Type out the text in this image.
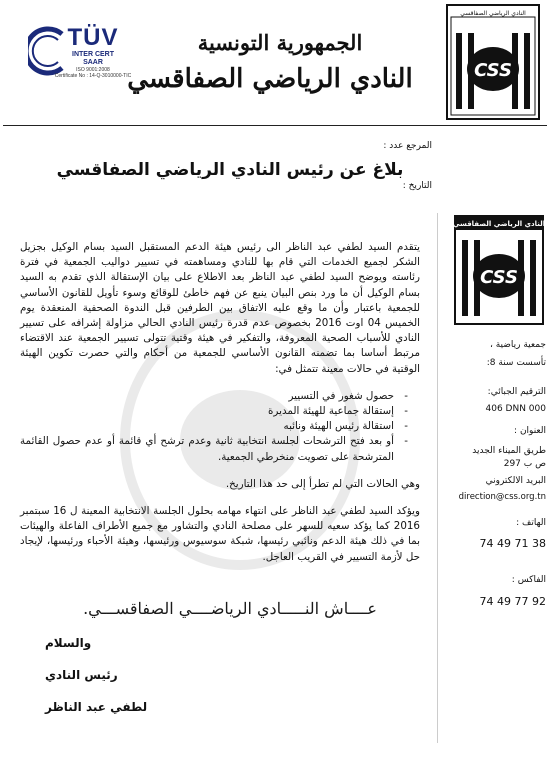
TÜV
INTER CERT
SAAR
ISO 9001:2008
Certificate No : 14-Q-3010000-TIC
الجمهورية التونسية
النادي الرياضي الصفاقسي	CSS
النادي الرياضي الصفاقسي
المرجع عدد :
التاريخ :
بلاغ عن رئيس النادي الرياضي الصفاقسي

يتقدم السيد لطفي عبد الناظر الى رئيس هيئة الدعم المستقبل السيد بسام الوكيل بجزيل الشكر لجميع الخدمات التي قام بها للنادي ومساهمته في تسيير دواليب الجمعية في فترة رئاسته ويوضح السيد لطفي عبد الناظر بعد الاطلاع على بيان الإستقالة الذي تقدم به السيد بسام الوكيل أن ما ورد بنص البيان ينبع عن فهم خاطئ للوقائع وسوء تأويل للقانون الأساسي للجمعية باعتبار وأن ما وقع عليه الاتفاق بين الطرفين قبل الندوة الصحفية المنعقدة يوم الخميس 04 اوت 2016 بخصوص عدم قدرة رئيس النادي الحالي مزاولة إشرافه على تسيير النادي للأسباب الصحية المعروفة، والتفكير في هيئة وقتية تتولى تسيير الجمعية عند الاقتضاء مرتبط أساسا بما تضمنه القانون الأساسي للجمعية من أحكام والتي حصرت تكوين الهيئة الوقتية في حالات معينة تتمثل في:

- حصول شغور في التسيير
- إستقالة جماعية للهيئة المديرة
- استقالة رئيس الهيئة ونائبه
- أو بعد فتح الترشحات لجلسة انتخابية ثانية وعدم ترشح أي قائمة أو عدم حصول القائمة المترشحة على تصويت منخرطي الجمعية.

وهي الحالات التي لم تطرأ إلى حد هذا التاريخ.

ويؤكد السيد لطفي عبد الناظر على انتهاء مهامه بحلول الجلسة الانتخابية المعينة ل 16 سبتمبر 2016 كما يؤكد سعيه للسهر على مصلحة النادي والتشاور مع جميع الأطراف الفاعلة والهيئات بما في ذلك هيئة الدعم ونائبي رئيسها، شبكة سوسيوس ورئيسها، وهيئة الأحباء ورئيسها، لإيجاد حل لأزمة التسيير في القريب العاجل.

عــــاش النـــــادي الرياضــــي الصفاقســـي.
والسلام
رئيس النادي
لطفي عبد الناظر
النادي الرياضي الصفاقسي
CSS
جمعية رياضية ،
تأسست سنة 8:
الترقيم الجبائي:
406 DNN 000
العنوان :
طريق الميناء الجديد
ص ب 297
البريد الالكتروني
direction@css.org.tn
الهاتف :
74 49 71 38
الفاكس :
74 49 77 92
